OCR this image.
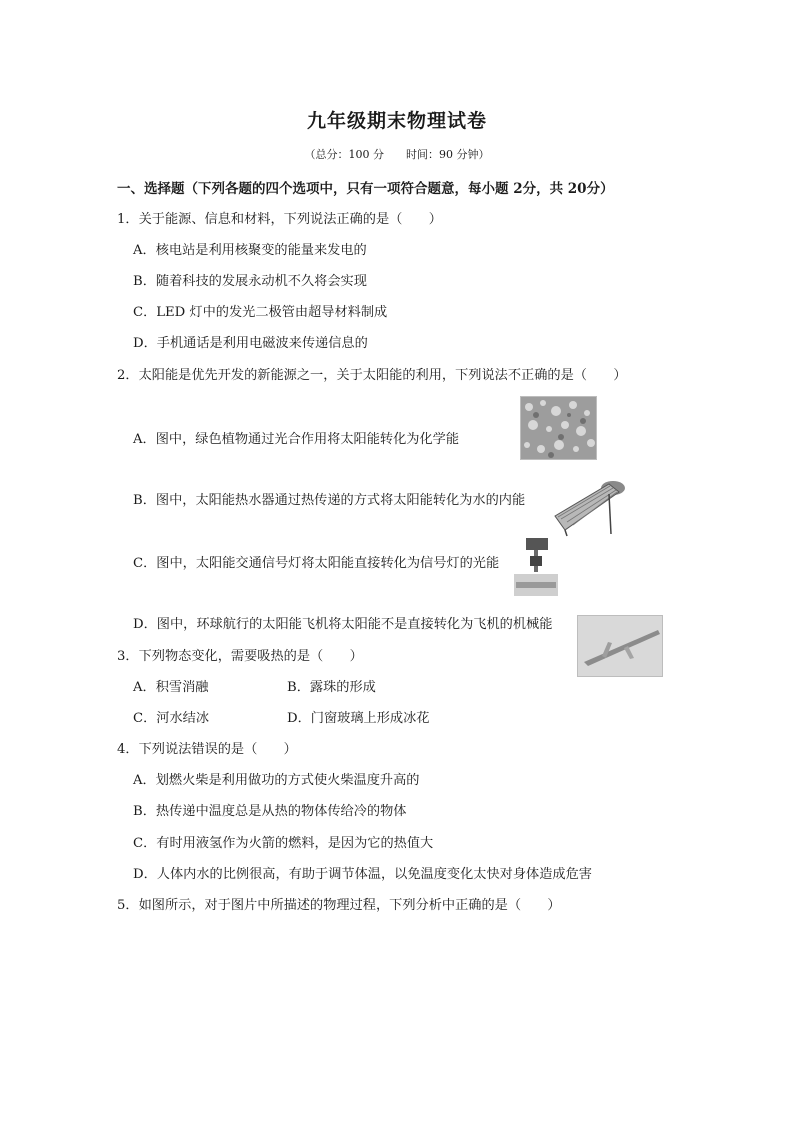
九年级期末物理试卷
（总分：100 分　　时间：90 分钟）
一、选择题（下列各题的四个选项中，只有一项符合题意，每小题 2分，共 20分）
1．关于能源、信息和材料，下列说法正确的是（　　）
A．核电站是利用核聚变的能量来发电的
B．随着科技的发展永动机不久将会实现
C．LED 灯中的发光二极管由超导材料制成
D．手机通话是利用电磁波来传递信息的
2．太阳能是优先开发的新能源之一，关于太阳能的利用，下列说法不正确的是（　　）
A．图中，绿色植物通过光合作用将太阳能转化为化学能
B．图中，太阳能热水器通过热传递的方式将太阳能转化为水的内能
C．图中，太阳能交通信号灯将太阳能直接转化为信号灯的光能
D．图中，环球航行的太阳能飞机将太阳能不是直接转化为飞机的机械能
3．下列物态变化，需要吸热的是（　　）
A．积雪消融	B．露珠的形成
C．河水结冰	D．门窗玻璃上形成冰花
4．下列说法错误的是（　　）
A．划燃火柴是利用做功的方式使火柴温度升高的
B．热传递中温度总是从热的物体传给冷的物体
C．有时用液氢作为火箭的燃料，是因为它的热值大
D．人体内水的比例很高，有助于调节体温，以免温度变化太快对身体造成危害
5．如图所示，对于图片中所描述的物理过程，下列分析中正确的是（　　）
